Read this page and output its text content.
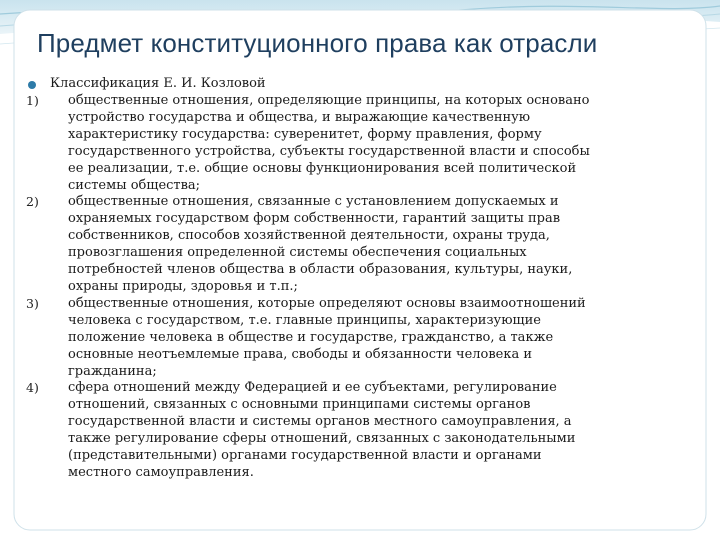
Предмет конституционного права как отрасли
Классификация Е. И. Козловой
1) общественные отношения, определяющие принципы, на которых основано
устройство государства и общества, и выражающие качественную
характеристику государства: суверенитет, форму правления, форму
государственного устройства, субъекты государственной власти и способы
ее реализации, т.е. общие основы функционирования всей политической
системы общества;
2) общественные отношения, связанные с установлением допускаемых и
охраняемых государством форм собственности, гарантий защиты прав
собственников, способов хозяйственной деятельности, охраны труда,
провозглашения определенной системы обеспечения социальных
потребностей членов общества в области образования, культуры, науки,
охраны природы, здоровья и т.п.;
3) общественные отношения, которые определяют основы взаимоотношений
человека с государством, т.е. главные принципы, характеризующие
положение человека в обществе и государстве, гражданство, а также
основные неотъемлемые права, свободы и обязанности человека и
гражданина;
4) сфера отношений между Федерацией и ее субъектами, регулирование
отношений, связанных с основными принципами системы органов
государственной власти и системы органов местного самоуправления, а
также регулирование сферы отношений, связанных с законодательными
(представительными) органами государственной власти и органами
местного самоуправления.
